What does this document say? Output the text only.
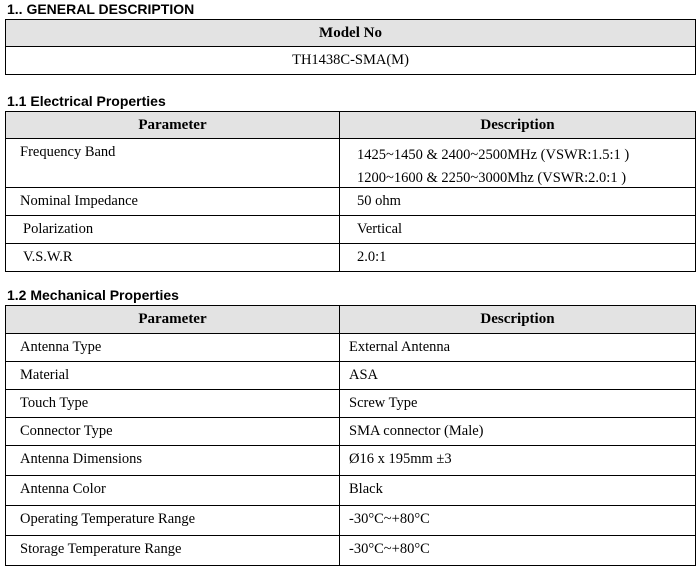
1.. GENERAL DESCRIPTION
Model No
TH1438C-SMA(M)
1.1 Electrical Properties
Parameter	Description
Frequency Band	1425~1450 & 2400~2500MHz (VSWR:1.5:1 )
1200~1600 & 2250~3000Mhz (VSWR:2.0:1 )

Nominal Impedance	50 ohm
Polarization	Vertical
V.S.W.R	2.0:1
1.2 Mechanical Properties
Parameter	Description
Antenna Type	External Antenna
Material	ASA
Touch Type	Screw Type
Connector Type	SMA connector (Male)
Antenna Dimensions	Ø16 x 195mm ±3
Antenna Color	Black
Operating Temperature Range	-30°C~+80°C
Storage Temperature Range	-30°C~+80°C
